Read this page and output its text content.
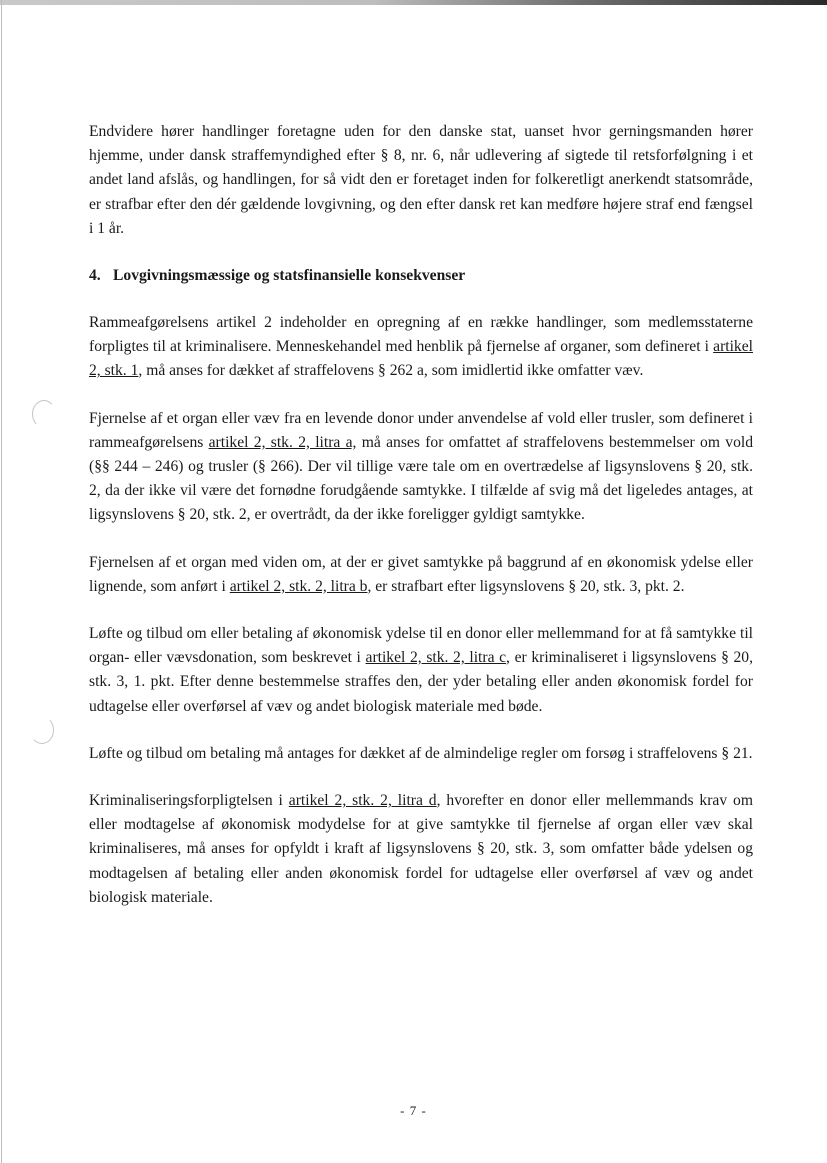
Endvidere hører handlinger foretagne uden for den danske stat, uanset hvor gerningsmanden hører hjemme, under dansk straffemyndighed efter § 8, nr. 6, når udlevering af sigtede til retsforfølgning i et andet land afslås, og handlingen, for så vidt den er foretaget inden for folkeretligt anerkendt statsområde, er strafbar efter den dér gældende lovgivning, og den efter dansk ret kan medføre højere straf end fængsel i 1 år.

4. Lovgivningsmæssige og statsfinansielle konsekvenser

Rammeafgørelsens artikel 2 indeholder en opregning af en række handlinger, som medlemsstaterne forpligtes til at kriminalisere. Menneskehandel med henblik på fjernelse af organer, som defineret i artikel 2, stk. 1, må anses for dækket af straffelovens § 262 a, som imidlertid ikke omfatter væv.

Fjernelse af et organ eller væv fra en levende donor under anvendelse af vold eller trusler, som defineret i rammeafgørelsens artikel 2, stk. 2, litra a, må anses for omfattet af straffelovens bestemmelser om vold (§§ 244 – 246) og trusler (§ 266). Der vil tillige være tale om en overtrædelse af ligsynslovens § 20, stk. 2, da der ikke vil være det fornødne forudgående samtykke. I tilfælde af svig må det ligeledes antages, at ligsynslovens § 20, stk. 2, er overtrådt, da der ikke foreligger gyldigt samtykke.

Fjernelsen af et organ med viden om, at der er givet samtykke på baggrund af en økonomisk ydelse eller lignende, som anført i artikel 2, stk. 2, litra b, er strafbart efter ligsynslovens § 20, stk. 3, pkt. 2.

Løfte og tilbud om eller betaling af økonomisk ydelse til en donor eller mellemmand for at få samtykke til organ- eller vævsdonation, som beskrevet i artikel 2, stk. 2, litra c, er kriminaliseret i ligsynslovens § 20, stk. 3, 1. pkt. Efter denne bestemmelse straffes den, der yder betaling eller anden økonomisk fordel for udtagelse eller overførsel af væv og andet biologisk materiale med bøde.

Løfte og tilbud om betaling må antages for dækket af de almindelige regler om forsøg i straffelovens § 21.

Kriminaliseringsforpligtelsen i artikel 2, stk. 2, litra d, hvorefter en donor eller mellemmands krav om eller modtagelse af økonomisk modydelse for at give samtykke til fjernelse af organ eller væv skal kriminaliseres, må anses for opfyldt i kraft af ligsynslovens § 20, stk. 3, som omfatter både ydelsen og modtagelsen af betaling eller anden økonomisk fordel for udtagelse eller overførsel af væv og andet biologisk materiale.

- 7 -
